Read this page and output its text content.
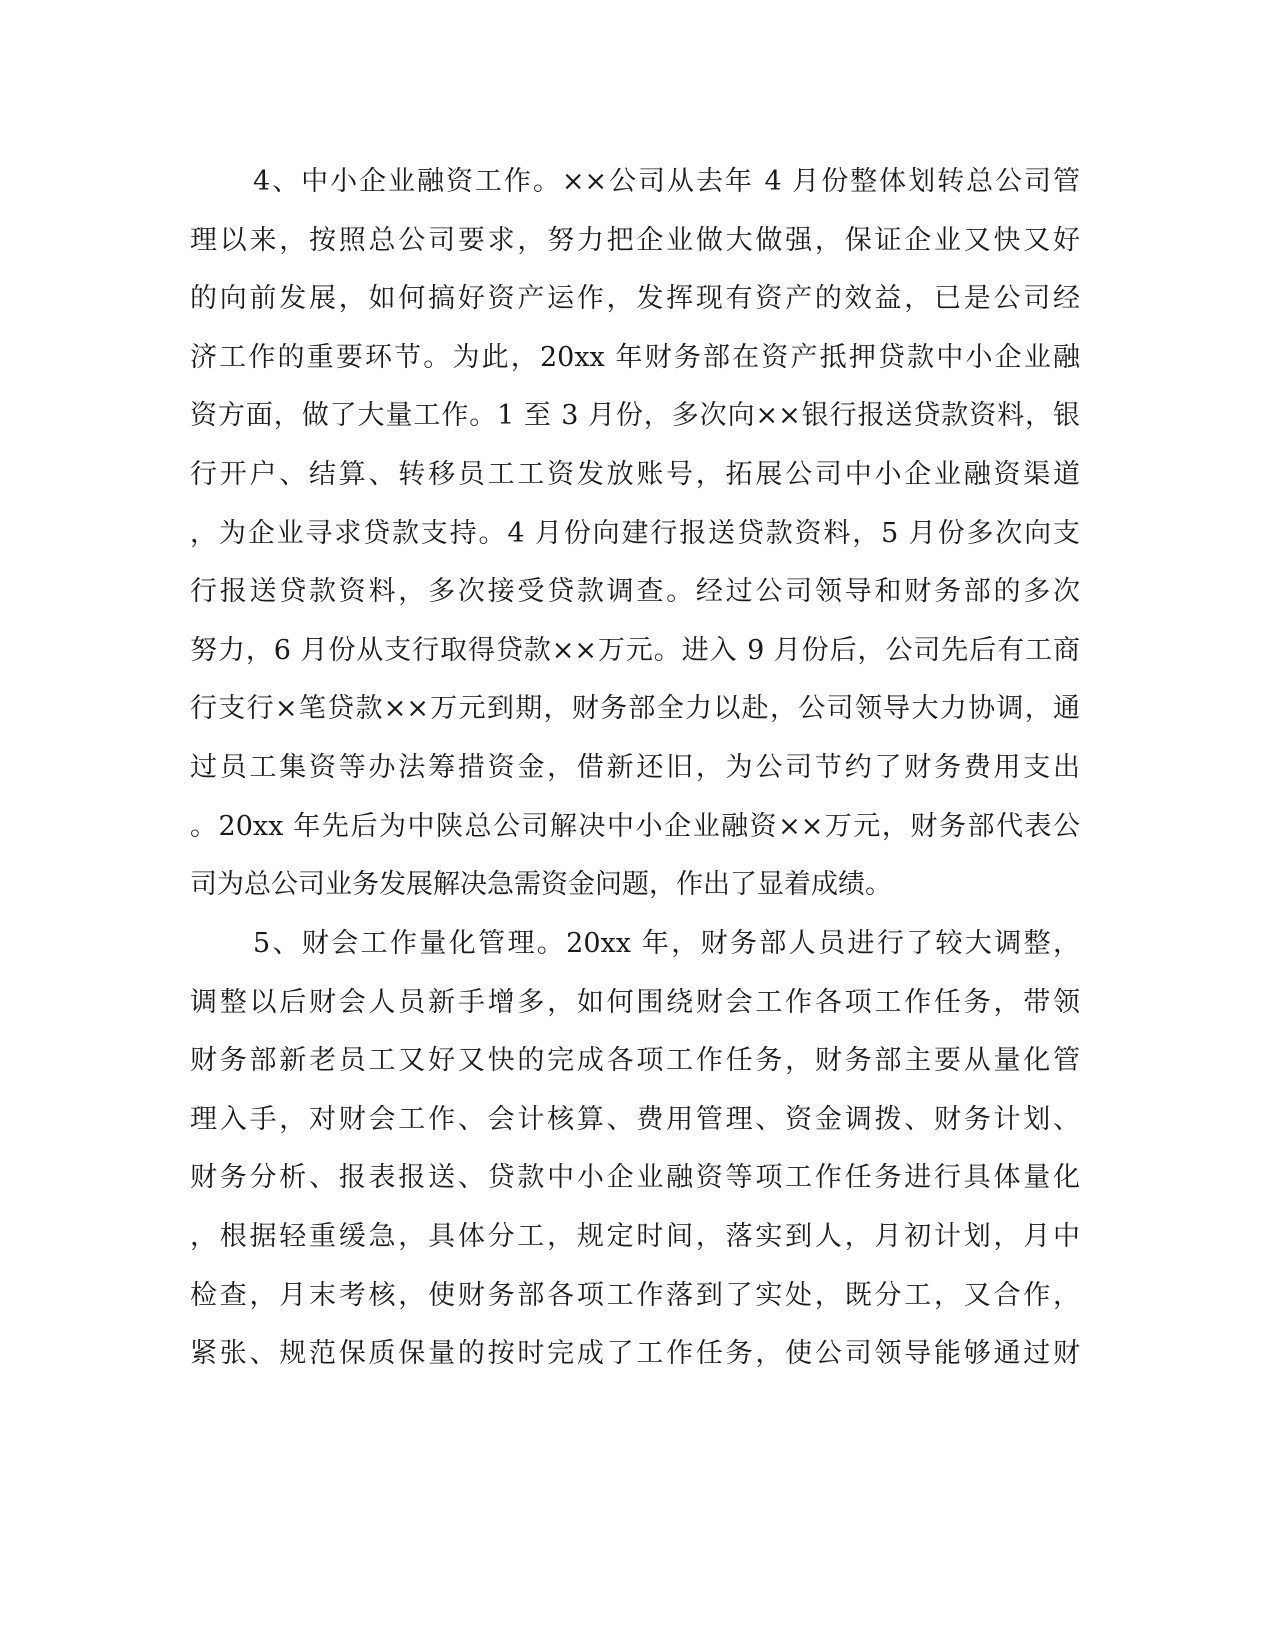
4、中小企业融资工作。××公司从去年 4 月份整体划转总公司管
理以来，按照总公司要求，努力把企业做大做强，保证企业又快又好
的向前发展，如何搞好资产运作，发挥现有资产的效益，已是公司经
济工作的重要环节。为此，20xx 年财务部在资产抵押贷款中小企业融
资方面，做了大量工作。1 至 3 月份，多次向××银行报送贷款资料，银
行开户、结算、转移员工工资发放账号，拓展公司中小企业融资渠道
，为企业寻求贷款支持。4 月份向建行报送贷款资料，5 月份多次向支
行报送贷款资料，多次接受贷款调查。经过公司领导和财务部的多次
努力，6 月份从支行取得贷款××万元。进入 9 月份后，公司先后有工商
行支行×笔贷款××万元到期，财务部全力以赴，公司领导大力协调，通
过员工集资等办法筹措资金，借新还旧，为公司节约了财务费用支出
。20xx 年先后为中陕总公司解决中小企业融资××万元，财务部代表公
司为总公司业务发展解决急需资金问题，作出了显着成绩。
5、财会工作量化管理。20xx 年，财务部人员进行了较大调整，
调整以后财会人员新手增多，如何围绕财会工作各项工作任务，带领
财务部新老员工又好又快的完成各项工作任务，财务部主要从量化管
理入手，对财会工作、会计核算、费用管理、资金调拨、财务计划、
财务分析、报表报送、贷款中小企业融资等项工作任务进行具体量化
，根据轻重缓急，具体分工，规定时间，落实到人，月初计划，月中
检查，月末考核，使财务部各项工作落到了实处，既分工，又合作，
紧张、规范保质保量的按时完成了工作任务，使公司领导能够通过财
